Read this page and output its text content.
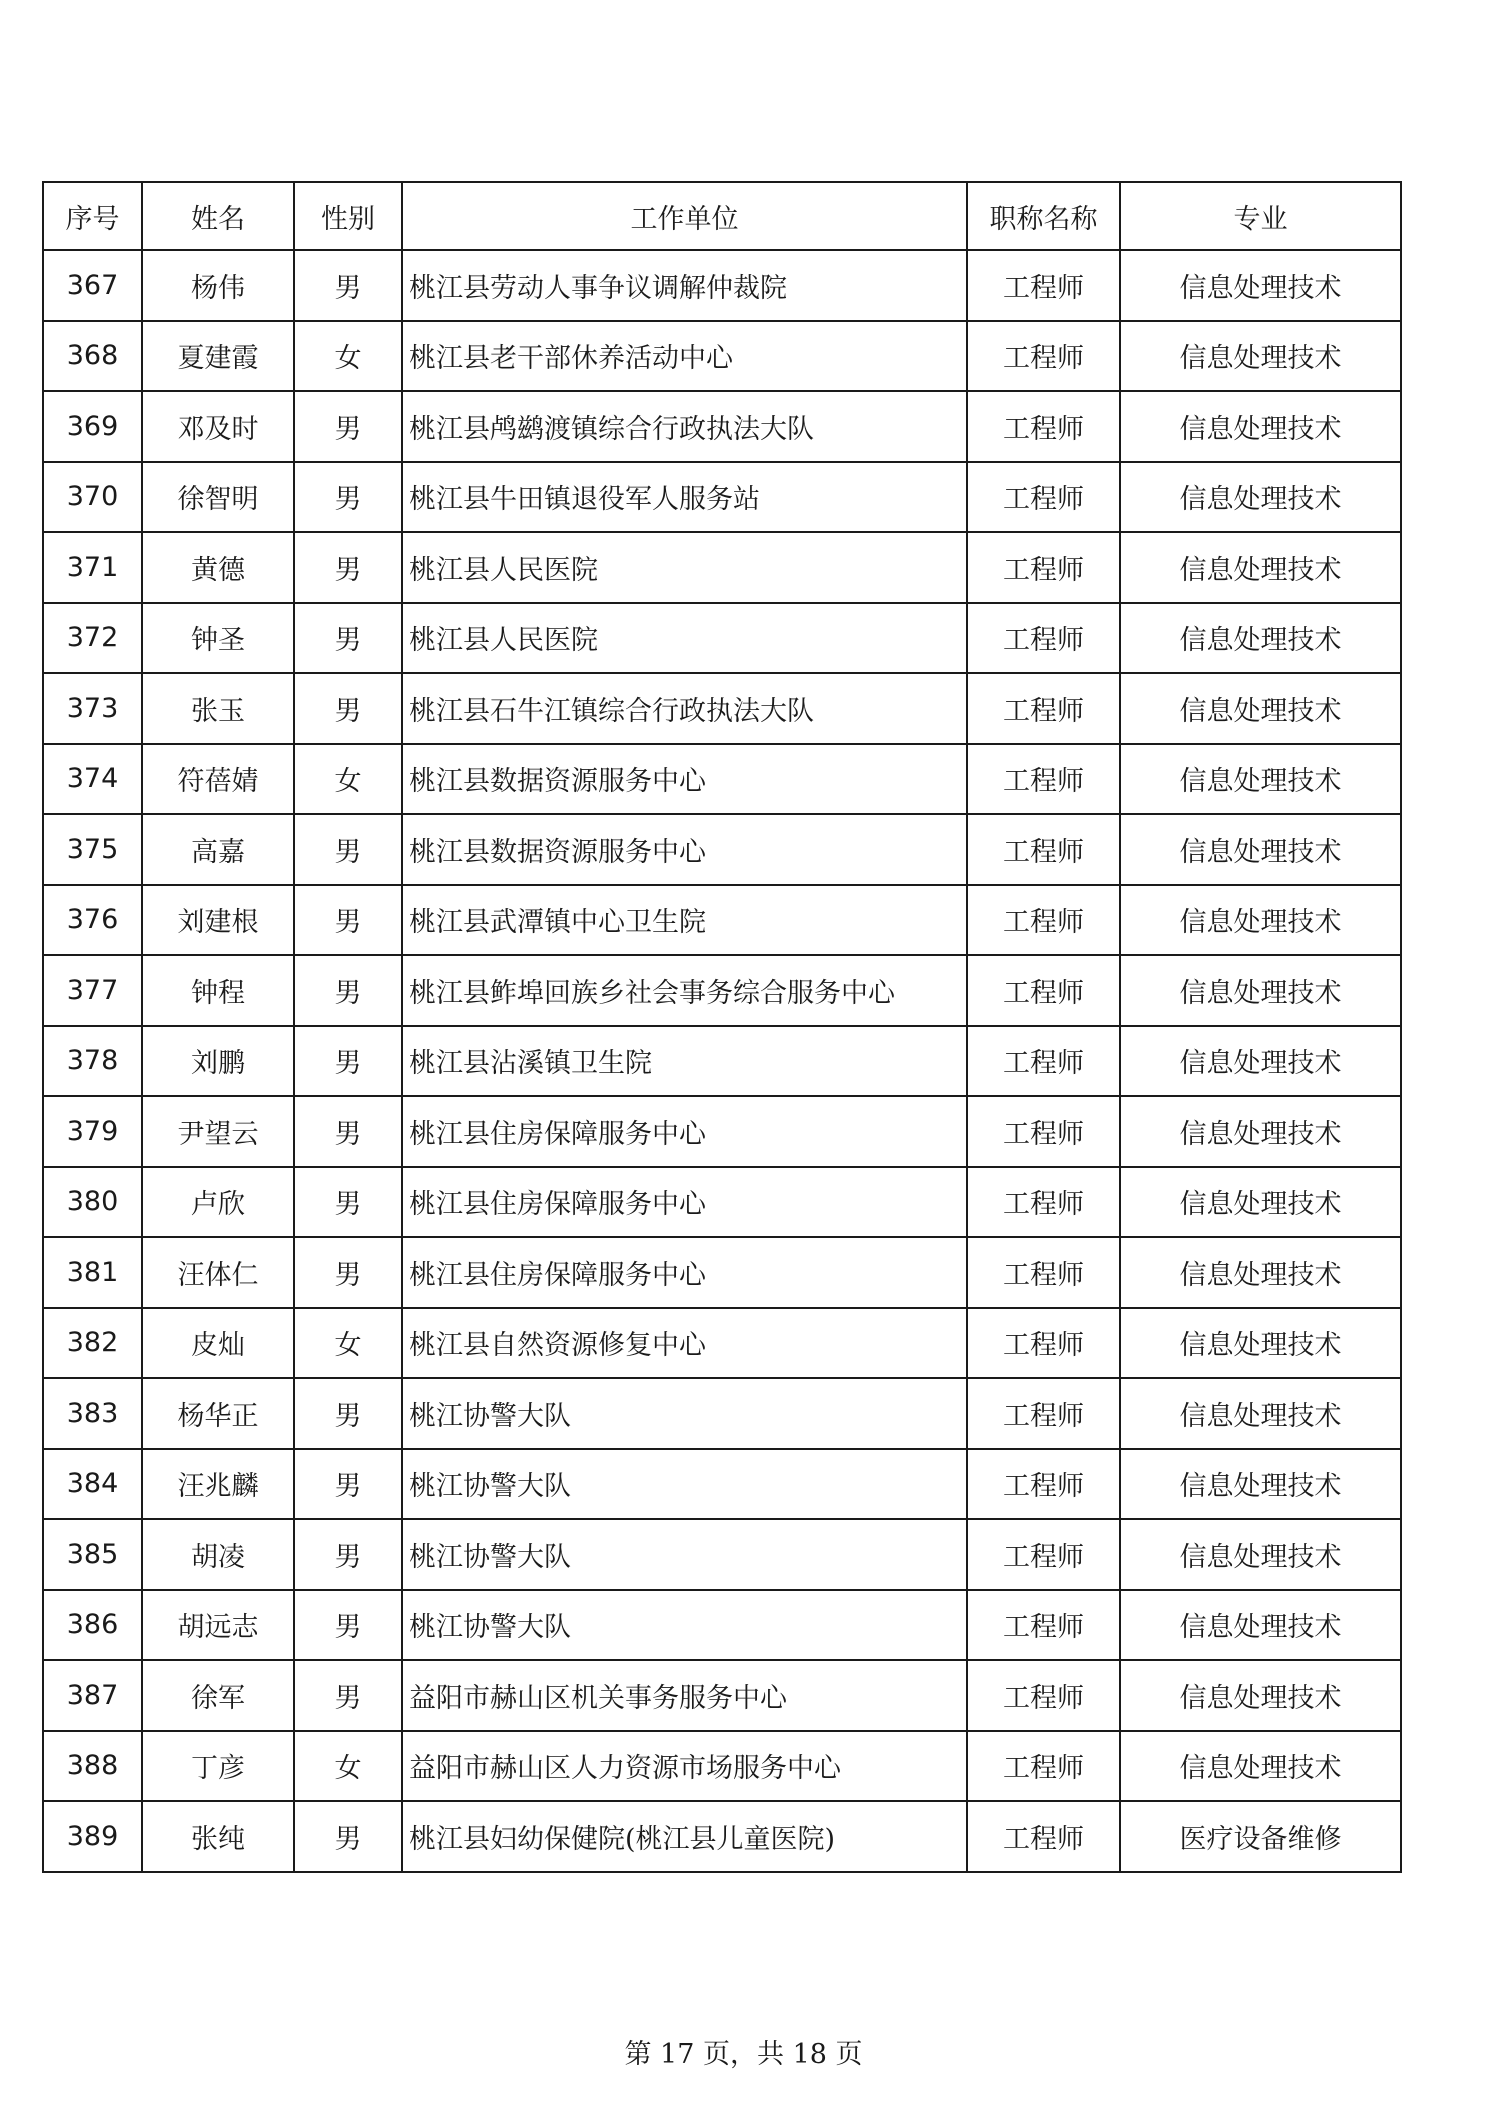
序号	姓名	性别	工作单位	职称名称	专业
367	杨伟	男	桃江县劳动人事争议调解仲裁院	工程师	信息处理技术
368	夏建霞	女	桃江县老干部休养活动中心	工程师	信息处理技术
369	邓及时	男	桃江县鸬鹚渡镇综合行政执法大队	工程师	信息处理技术
370	徐智明	男	桃江县牛田镇退役军人服务站	工程师	信息处理技术
371	黄德	男	桃江县人民医院	工程师	信息处理技术
372	钟圣	男	桃江县人民医院	工程师	信息处理技术
373	张玉	男	桃江县石牛江镇综合行政执法大队	工程师	信息处理技术
374	符蓓婧	女	桃江县数据资源服务中心	工程师	信息处理技术
375	高嘉	男	桃江县数据资源服务中心	工程师	信息处理技术
376	刘建根	男	桃江县武潭镇中心卫生院	工程师	信息处理技术
377	钟程	男	桃江县鲊埠回族乡社会事务综合服务中心	工程师	信息处理技术
378	刘鹏	男	桃江县沾溪镇卫生院	工程师	信息处理技术
379	尹望云	男	桃江县住房保障服务中心	工程师	信息处理技术
380	卢欣	男	桃江县住房保障服务中心	工程师	信息处理技术
381	汪体仁	男	桃江县住房保障服务中心	工程师	信息处理技术
382	皮灿	女	桃江县自然资源修复中心	工程师	信息处理技术
383	杨华正	男	桃江协警大队	工程师	信息处理技术
384	汪兆麟	男	桃江协警大队	工程师	信息处理技术
385	胡凌	男	桃江协警大队	工程师	信息处理技术
386	胡远志	男	桃江协警大队	工程师	信息处理技术
387	徐军	男	益阳市赫山区机关事务服务中心	工程师	信息处理技术
388	丁彦	女	益阳市赫山区人力资源市场服务中心	工程师	信息处理技术
389	张纯	男	桃江县妇幼保健院(桃江县儿童医院)	工程师	医疗设备维修
第 17 页，共 18 页
